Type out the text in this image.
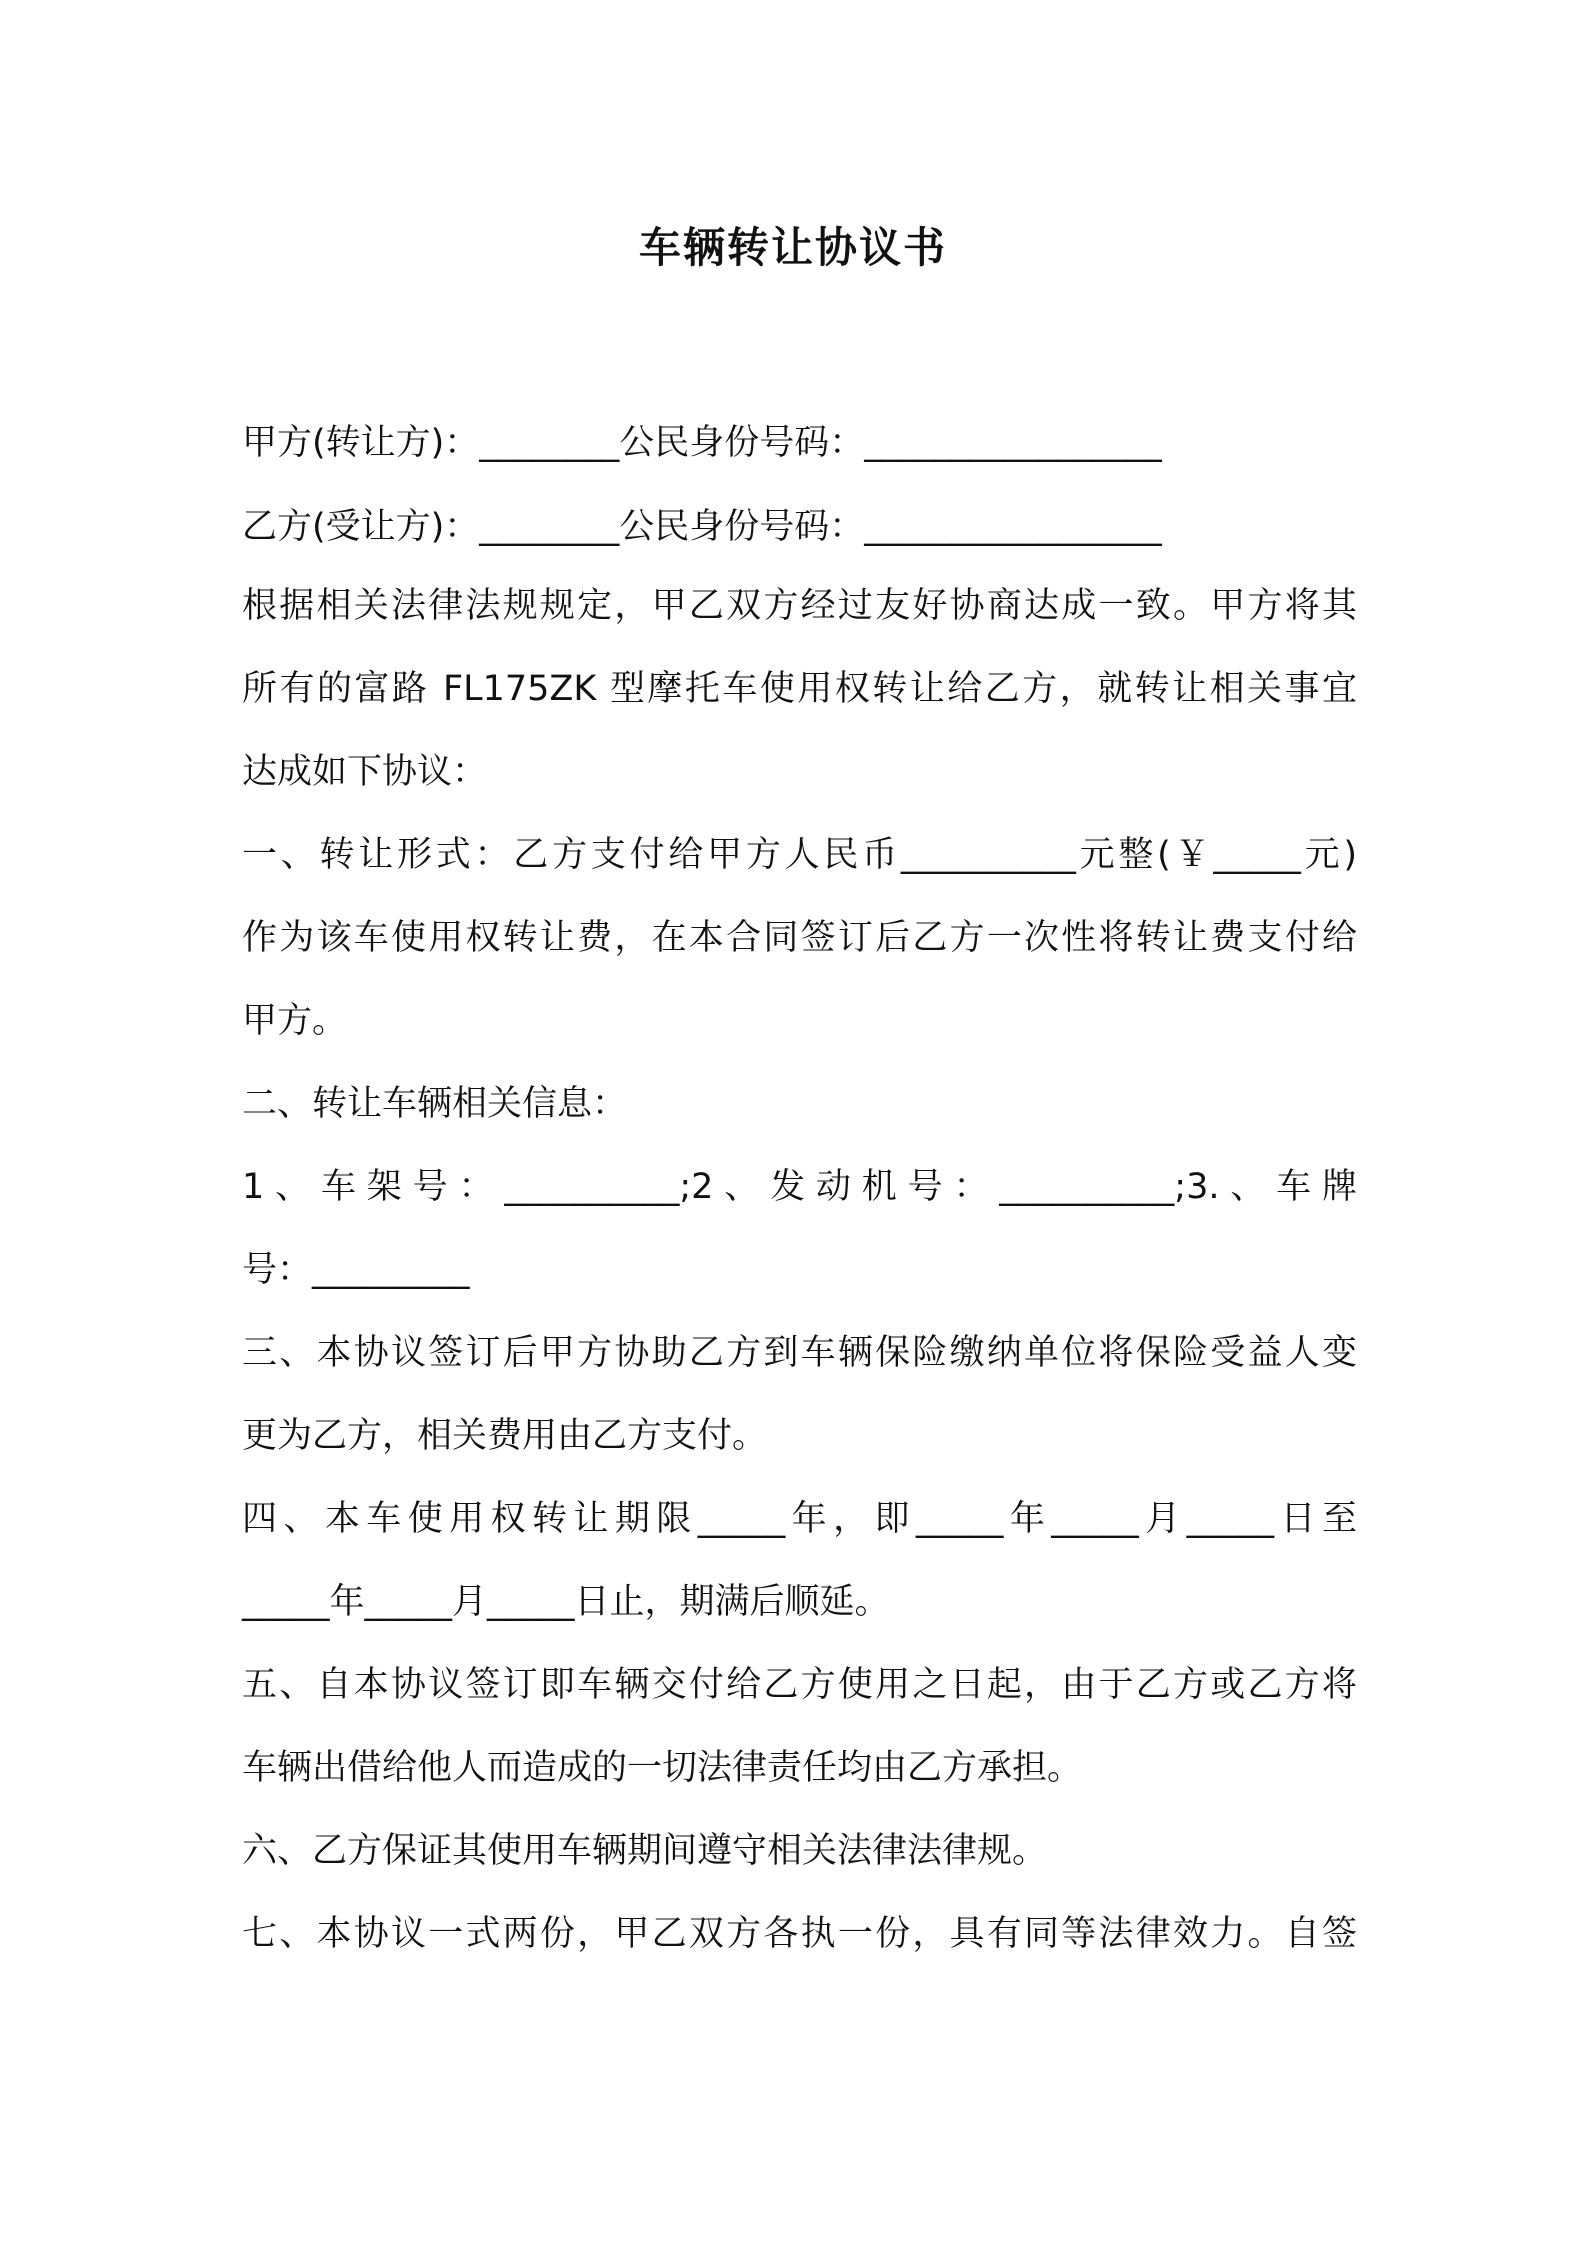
车辆转让协议书
甲方(转让方)：________公民身份号码：_________________
乙方(受让方)：________公民身份号码：_________________
根据相关法律法规规定，甲乙双方经过友好协商达成一致。甲方将其
所有的富路 FL175ZK 型摩托车使用权转让给乙方，就转让相关事宜
达成如下协议：
一、转让形式：乙方支付给甲方人民币__________元整(￥_____元)
作为该车使用权转让费，在本合同签订后乙方一次性将转让费支付给
甲方。
二、转让车辆相关信息：
1、车架号：__________;2、发动机号：__________;3.、车牌
号：_________
三、本协议签订后甲方协助乙方到车辆保险缴纳单位将保险受益人变
更为乙方，相关费用由乙方支付。
四、本车使用权转让期限_____年，即_____年_____月_____日至
_____年_____月_____日止，期满后顺延。
五、自本协议签订即车辆交付给乙方使用之日起，由于乙方或乙方将
车辆出借给他人而造成的一切法律责任均由乙方承担。
六、乙方保证其使用车辆期间遵守相关法律法律规。
七、本协议一式两份，甲乙双方各执一份，具有同等法律效力。自签
